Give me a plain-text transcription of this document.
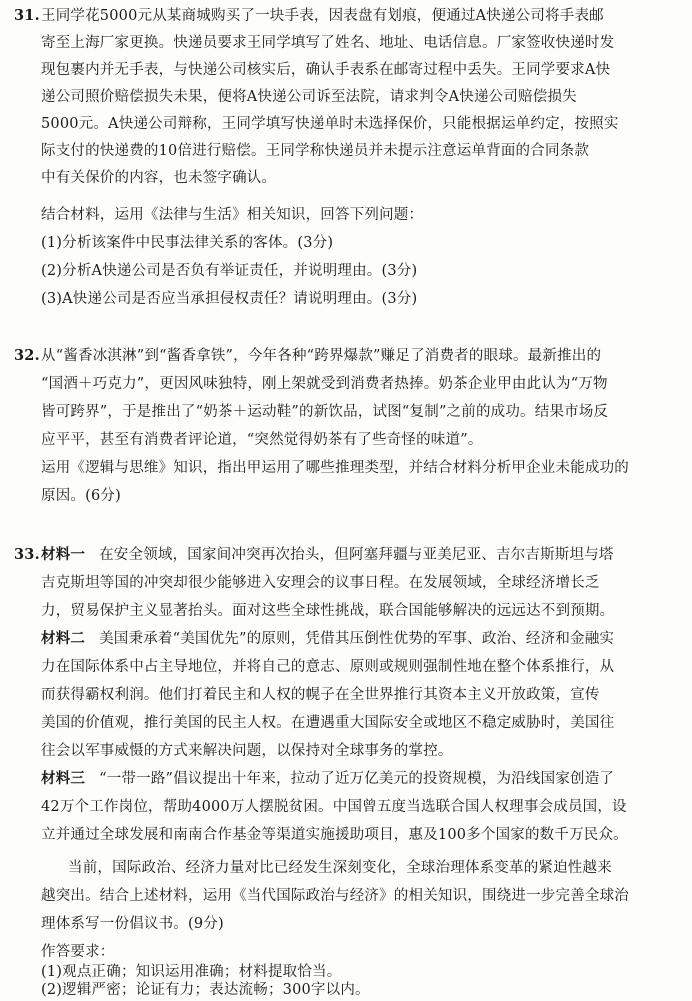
31.王同学花5000元从某商城购买了一块手表，因表盘有划痕，便通过A快递公司将手表邮
寄至上海厂家更换。快递员要求王同学填写了姓名、地址、电话信息。厂家签收快递时发
现包裹内并无手表，与快递公司核实后，确认手表系在邮寄过程中丢失。王同学要求A快
递公司照价赔偿损失未果，便将A快递公司诉至法院，请求判令A快递公司赔偿损失
5000元。A快递公司辩称，王同学填写快递单时未选择保价，只能根据运单约定，按照实
际支付的快递费的10倍进行赔偿。王同学称快递员并未提示注意运单背面的合同条款
中有关保价的内容，也未签字确认。
结合材料，运用《法律与生活》相关知识，回答下列问题：
(1)分析该案件中民事法律关系的客体。(3分)
(2)分析A快递公司是否负有举证责任，并说明理由。(3分)
(3)A快递公司是否应当承担侵权责任？请说明理由。(3分)
32.从“酱香冰淇淋”到“酱香拿铁”，今年各种“跨界爆款”赚足了消费者的眼球。最新推出的
“国酒＋巧克力”，更因风味独特，刚上架就受到消费者热捧。奶茶企业甲由此认为“万物
皆可跨界”，于是推出了“奶茶＋运动鞋”的新饮品，试图“复制”之前的成功。结果市场反
应平平，甚至有消费者评论道，“突然觉得奶茶有了些奇怪的味道”。
运用《逻辑与思维》知识，指出甲运用了哪些推理类型，并结合材料分析甲企业未能成功的
原因。(6分)
33.材料一 在安全领域，国家间冲突再次抬头，但阿塞拜疆与亚美尼亚、吉尔吉斯斯坦与塔
吉克斯坦等国的冲突却很少能够进入安理会的议事日程。在发展领域，全球经济增长乏
力，贸易保护主义显著抬头。面对这些全球性挑战，联合国能够解决的远远达不到预期。
材料二 美国秉承着“美国优先”的原则，凭借其压倒性优势的军事、政治、经济和金融实
力在国际体系中占主导地位，并将自己的意志、原则或规则强制性地在整个体系推行，从
而获得霸权利润。他们打着民主和人权的幌子在全世界推行其资本主义开放政策，宣传
美国的价值观，推行美国的民主人权。在遭遇重大国际安全或地区不稳定威胁时，美国往
往会以军事威慑的方式来解决问题，以保持对全球事务的掌控。
材料三 “一带一路”倡议提出十年来，拉动了近万亿美元的投资规模，为沿线国家创造了
42万个工作岗位，帮助4000万人摆脱贫困。中国曾五度当选联合国人权理事会成员国，设
立并通过全球发展和南南合作基金等渠道实施援助项目，惠及100多个国家的数千万民众。
当前，国际政治、经济力量对比已经发生深刻变化，全球治理体系变革的紧迫性越来
越突出。结合上述材料，运用《当代国际政治与经济》的相关知识，围绕进一步完善全球治
理体系写一份倡议书。(9分)
作答要求：
(1)观点正确；知识运用准确；材料提取恰当。
(2)逻辑严密；论证有力；表达流畅；300字以内。
